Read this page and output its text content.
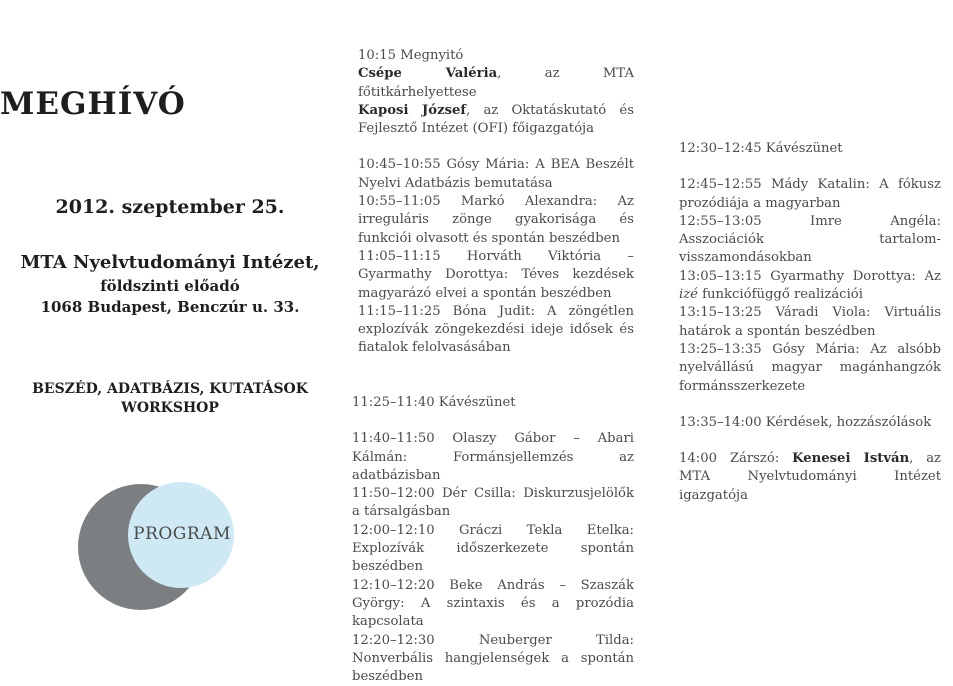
MEGHÍVÓ
2012. szeptember 25.
MTA Nyelvtudományi Intézet,
földszinti előadó
1068 Budapest, Benczúr u. 33.
BESZÉD, ADATBÁZIS, KUTATÁSOK
WORKSHOP
PROGRAM

10:15 Megnyitó

Csépe Valéria, az MTA főtitkárhelyettese

Kaposi József, az Oktatáskutató és Fejlesztő Intézet (OFI) főigazgatója

10:45–10:55 Gósy Mária: A BEA Beszélt Nyelvi Adatbázis bemutatása

10:55–11:05 Markó Alexandra: Az irreguláris zönge gyakorisága és funkciói olvasott és spontán beszédben

11:05–11:15 Horváth Viktória – Gyarmathy Dorottya: Téves kezdések magyarázó elvei a spontán beszédben

11:15–11:25 Bóna Judit: A zöngétlen explozívák zöngekezdési ideje idősek és fiatalok felolvasásában

11:25–11:40 Kávészünet

11:40–11:50 Olaszy Gábor – Abari Kálmán: Formánsjellemzés az adatbázisban

11:50–12:00 Dér Csilla: Diskurzusjelölők a társalgásban

12:00–12:10 Gráczi Tekla Etelka: Explozívák időszerkezete spontán beszédben

12:10–12:20 Beke András – Szaszák György: A szintaxis és a prozódia kapcsolata

12:20–12:30 Neuberger Tilda: Nonverbális hangjelenségek a spontán beszédben

12:30–12:45 Kávészünet

12:45–12:55 Mády Katalin: A fókusz prozódiája a magyarban

12:55–13:05 Imre Angéla: Asszociációk tartalom-visszamondásokban

13:05–13:15 Gyarmathy Dorottya: Az izé funkciófüggő realizációi

13:15–13:25 Váradi Viola: Virtuális határok a spontán beszédben

13:25–13:35 Gósy Mária: Az alsóbb nyelvállású magyar magánhangzók formánsszerkezete

13:35–14:00 Kérdések, hozzászólások

14:00 Zárszó: Kenesei István, az MTA Nyelvtudományi Intézet igazgatója
